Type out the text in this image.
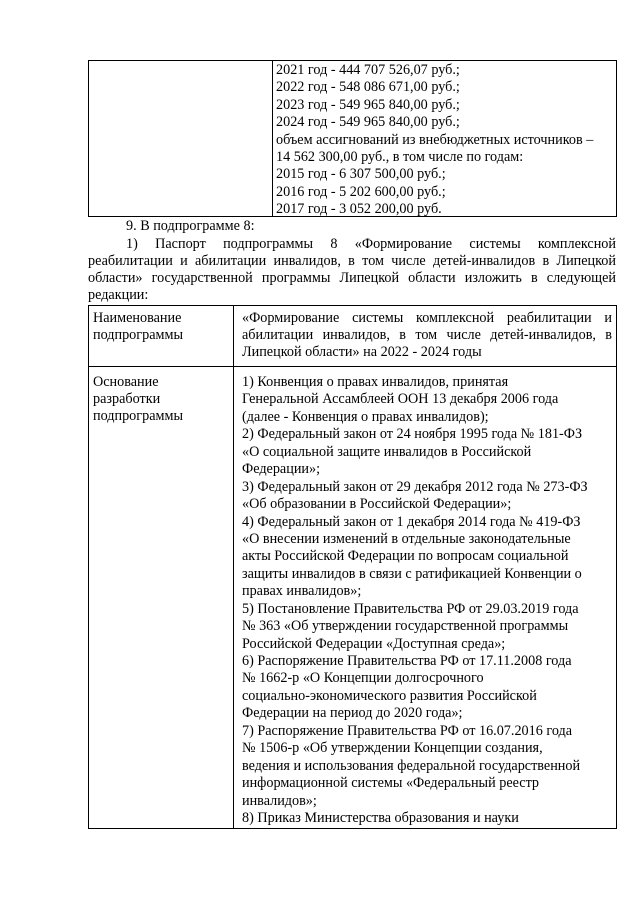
2021 год - 444 707 526,07 руб.;
2022 год - 548 086 671,00 руб.;
2023 год - 549 965 840,00 руб.;
2024 год - 549 965 840,00 руб.;
объем ассигнований из внебюджетных источников –
14 562 300,00 руб., в том числе по годам:
2015 год - 6 307 500,00 руб.;
2016 год - 5 202 600,00 руб.;
2017 год - 3 052 200,00 руб.
9. В подпрограмме 8:
1) Паспорт подпрограммы 8 «Формирование системы комплексной
реабилитации и абилитации инвалидов, в том числе детей-инвалидов в Липецкой
области» государственной программы Липецкой области изложить в следующей
редакции:
Наименование
подпрограммы
«Формирование системы комплексной реабилитации и
абилитации инвалидов, в том числе детей-инвалидов, в
Липецкой области» на 2022 - 2024 годы
Основание
разработки
подпрограммы
1) Конвенция о правах инвалидов, принятая
Генеральной Ассамблеей ООН 13 декабря 2006 года
(далее - Конвенция о правах инвалидов);
2) Федеральный закон от 24 ноября 1995 года № 181-ФЗ
«О социальной защите инвалидов в Российской
Федерации»;
3) Федеральный закон от 29 декабря 2012 года № 273-ФЗ
«Об образовании в Российской Федерации»;
4) Федеральный закон от 1 декабря 2014 года № 419-ФЗ
«О внесении изменений в отдельные законодательные
акты Российской Федерации по вопросам социальной
защиты инвалидов в связи с ратификацией Конвенции о
правах инвалидов»;
5) Постановление Правительства РФ от 29.03.2019 года
№ 363 «Об утверждении государственной программы
Российской Федерации «Доступная среда»;
6) Распоряжение Правительства РФ от 17.11.2008 года
№ 1662-р «О Концепции долгосрочного
социально-экономического развития Российской
Федерации на период до 2020 года»;
7) Распоряжение Правительства РФ от 16.07.2016 года
№ 1506-р «Об утверждении Концепции создания,
ведения и использования федеральной государственной
информационной системы «Федеральный реестр
инвалидов»;
8) Приказ Министерства образования и науки
